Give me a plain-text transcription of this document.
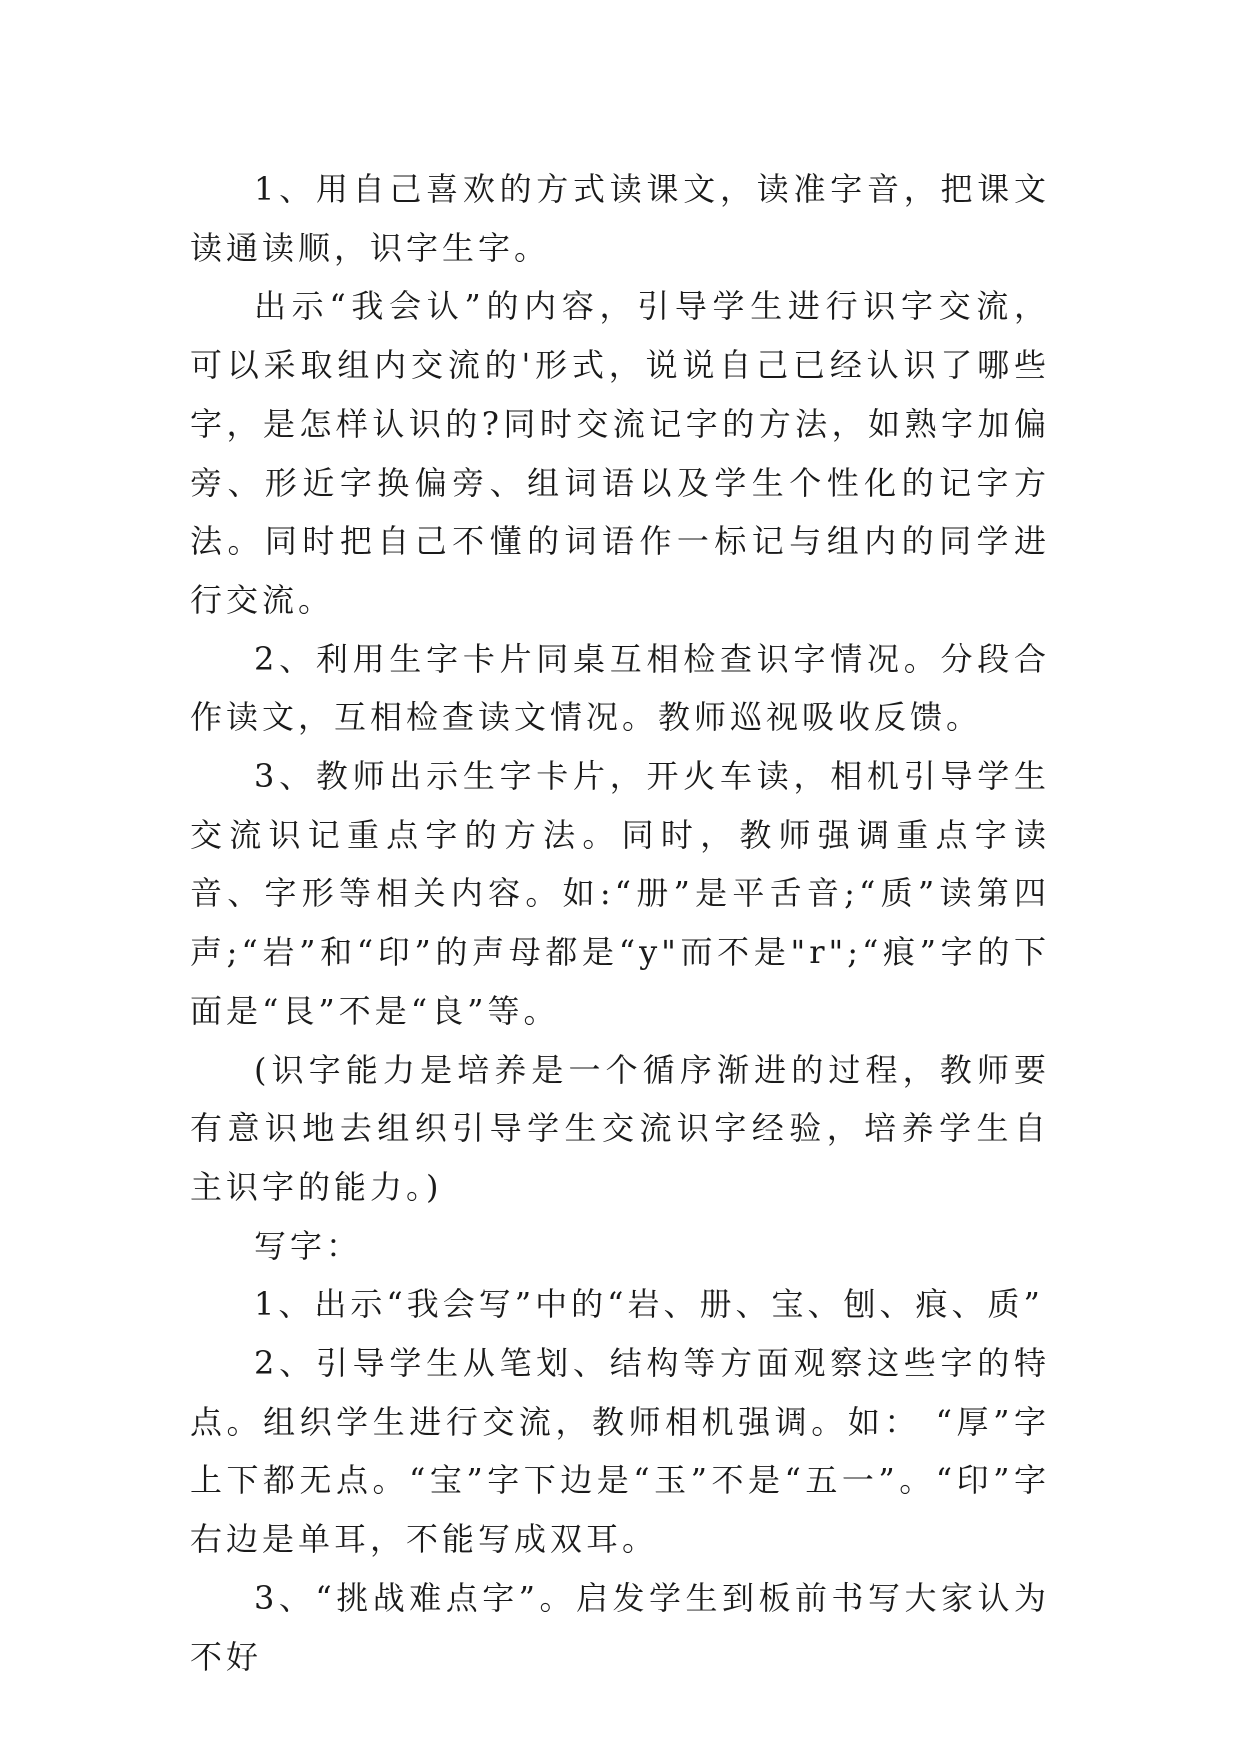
1、用自己喜欢的方式读课文，读准字音，把课文读通读顺，识字生字。

出示“我会认”的内容，引导学生进行识字交流，可以采取组内交流的'形式，说说自己已经认识了哪些字，是怎样认识的?同时交流记字的方法，如熟字加偏旁、形近字换偏旁、组词语以及学生个性化的记字方法。同时把自己不懂的词语作一标记与组内的同学进行交流。

2、利用生字卡片同桌互相检查识字情况。分段合作读文，互相检查读文情况。教师巡视吸收反馈。

3、教师出示生字卡片，开火车读，相机引导学生交流识记重点字的方法。同时，教师强调重点字读音、字形等相关内容。如:“册”是平舌音;“质”读第四声;“岩”和“印”的声母都是“y"而不是"r";“痕”字的下面是“艮”不是“良”等。

(识字能力是培养是一个循序渐进的过程，教师要有意识地去组织引导学生交流识字经验，培养学生自主识字的能力。)

写字：

1、出示“我会写”中的“岩、册、宝、刨、痕、质”

2、引导学生从笔划、结构等方面观察这些字的特点。组织学生进行交流，教师相机强调。如： “厚”字上下都无点。“宝”字下边是“玉”不是“五一”。“印”字右边是单耳，不能写成双耳。

3、“挑战难点字”。启发学生到板前书写大家认为不好
